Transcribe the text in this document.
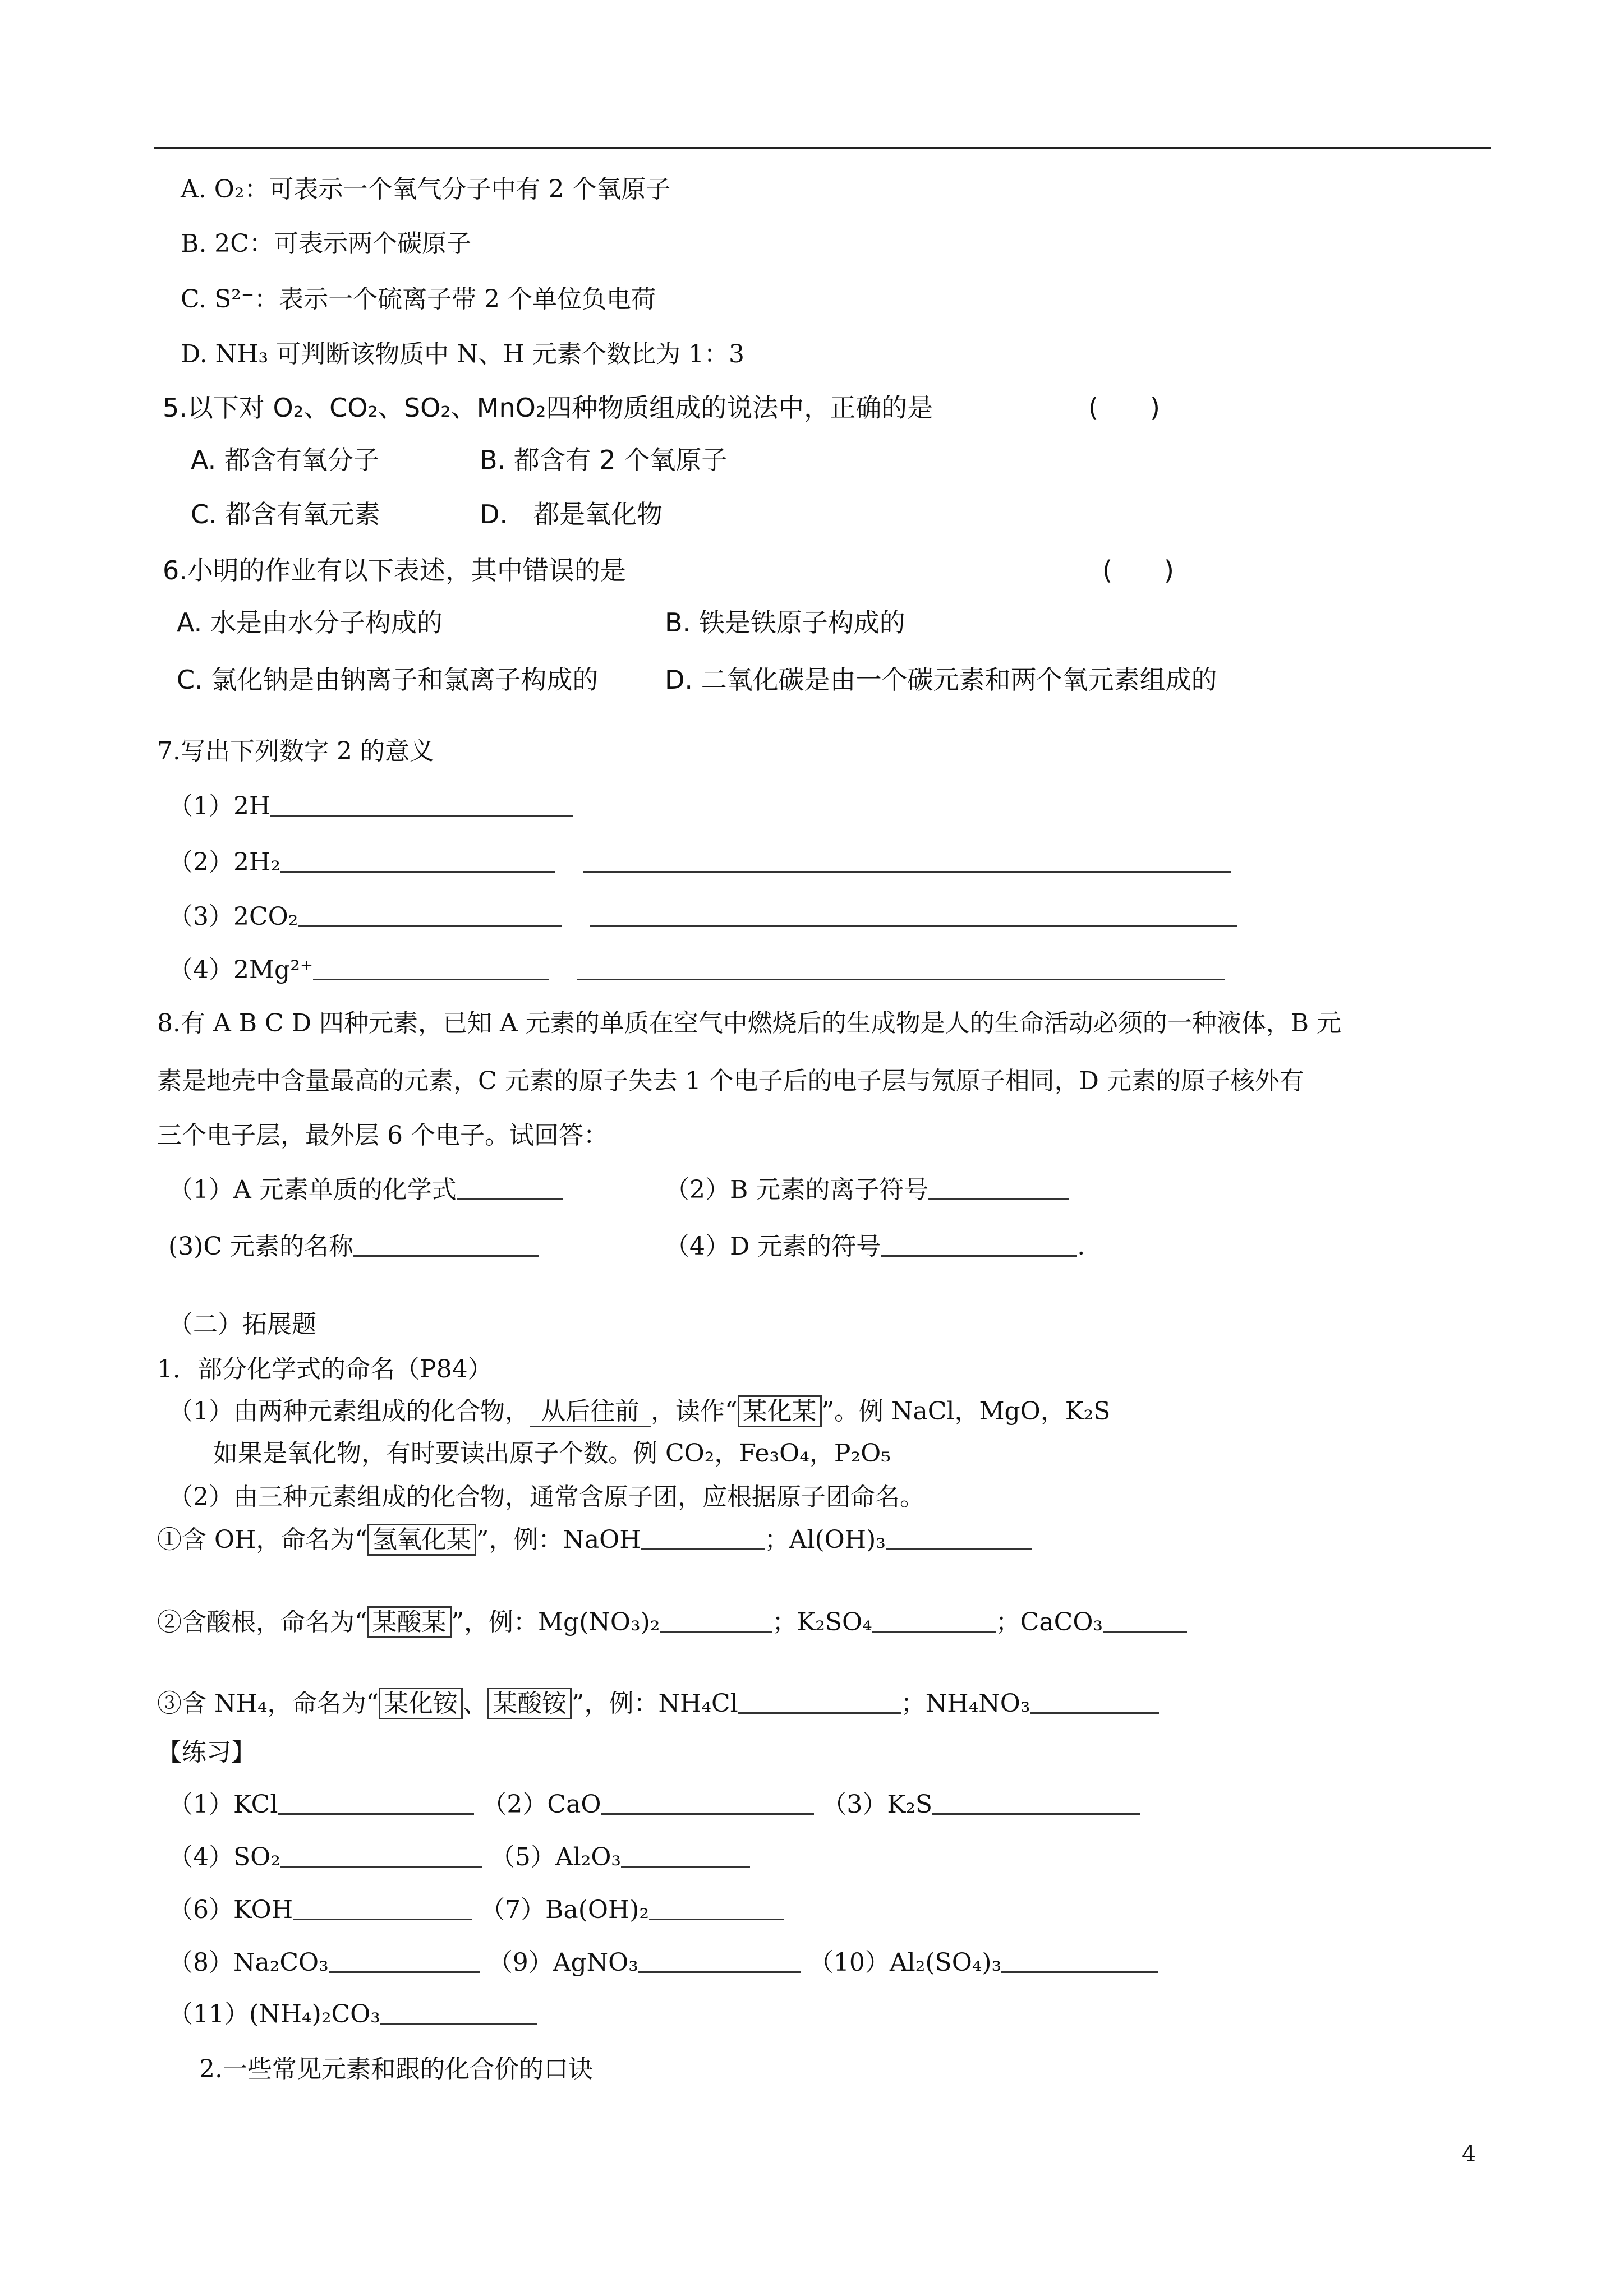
A. O₂：可表示一个氧气分子中有 2 个氧原子
B. 2C：可表示两个碳原子
C. S²⁻：表示一个硫离子带 2 个单位负电荷
D. NH₃ 可判断该物质中 N、H 元素个数比为 1：3
5.以下对 O₂、CO₂、SO₂、MnO₂四种物质组成的说法中，正确的是	(　　)
A. 都含有氧分子	B. 都含有 2 个氧原子
C. 都含有氧元素	D.　都是氧化物
6.小明的作业有以下表述，其中错误的是	(　　)
A. 水是由水分子构成的	B. 铁是铁原子构成的
C. 氯化钠是由钠离子和氯离子构成的	D. 二氧化碳是由一个碳元素和两个氧元素组成的
7.写出下列数字 2 的意义
（1）2H
（2）2H₂
（3）2CO₂
（4）2Mg²⁺
8.有 A B C D 四种元素，已知 A 元素的单质在空气中燃烧后的生成物是人的生命活动必须的一种液体，B 元
素是地壳中含量最高的元素，C 元素的原子失去 1 个电子后的电子层与氖原子相同，D 元素的原子核外有
三个电子层，最外层 6 个电子。试回答：
（1）A 元素单质的化学式	（2）B 元素的离子符号
(3)C 元素的名称	（4）D 元素的符号	.
（二）拓展题
1．部分化学式的命名（P84）
（1）由两种元素组成的化合物， 从后往前 ，读作“ 某化某 ”。例 NaCl，MgO，K₂S
如果是氧化物，有时要读出原子个数。例 CO₂，Fe₃O₄，P₂O₅
（2）由三种元素组成的化合物，通常含原子团，应根据原子团命名。
①含 OH，命名为“ 氢氧化某 ”，例：NaOH	；Al(OH)₃
②含酸根，命名为“ 某酸某 ”，例：Mg(NO₃)₂	；K₂SO₄	；CaCO₃
③含 NH₄，命名为“ 某化铵 、 某酸铵 ”，例：NH₄Cl	；NH₄NO₃
【练习】
（1）KCl	（2）CaO	（3）K₂S
（4）SO₂	（5）Al₂O₃
（6）KOH	（7）Ba(OH)₂
（8）Na₂CO₃	（9）AgNO₃	（10）Al₂(SO₄)₃
（11）(NH₄)₂CO₃
2.一些常见元素和跟的化合价的口诀
4
